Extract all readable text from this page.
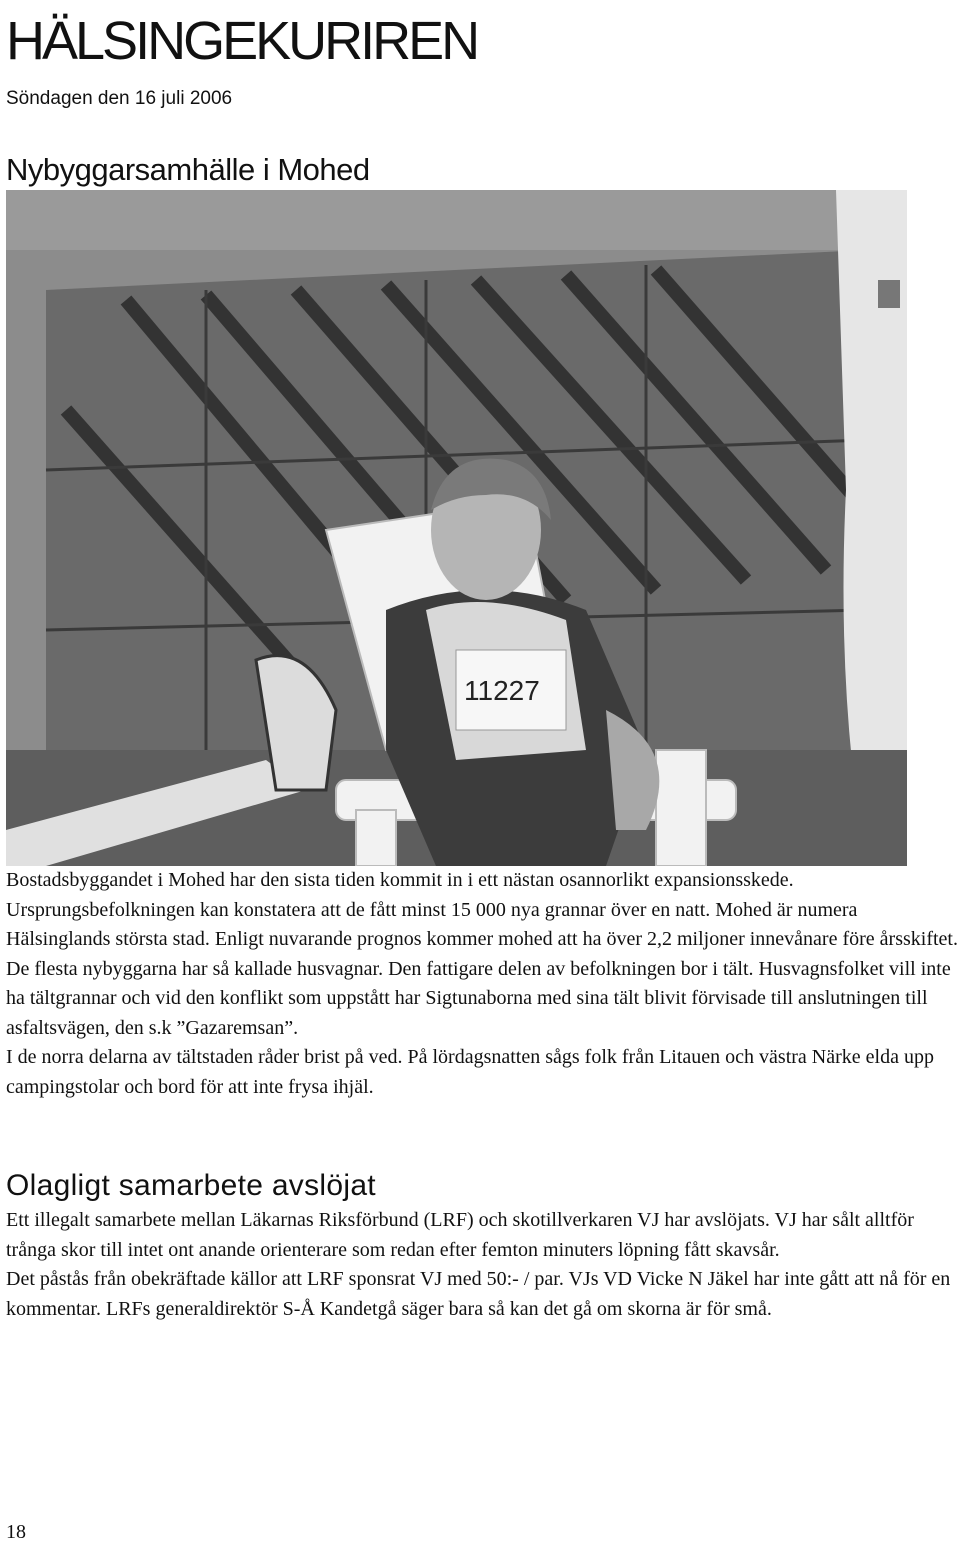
HÄLSINGEKURIREN

Söndagen den 16 juli 2006

Nybyggarsamhälle i Mohed
11227

Bostadsbyggandet i Mohed har den sista tiden kommit in i ett nästan osannorlikt expansionsskede. Ursprungsbefolkningen kan konstatera att de fått minst 15 000 nya grannar över en natt. Mohed är numera Hälsinglands största stad. Enligt nuvarande prognos kommer mohed att ha över 2,2 miljoner innevånare före årsskiftet.

De flesta nybyggarna har så kallade husvagnar. Den fattigare delen av befolkningen bor i tält. Husvagnsfolket vill inte ha tältgrannar och vid den konflikt som uppstått har Sigtunaborna med sina tält blivit förvisade till anslutningen till asfaltsvägen, den s.k ”Gazaremsan”.

I de norra delarna av tältstaden råder brist på ved. På lördagsnatten sågs folk från Litauen och västra Närke elda upp campingstolar och bord för att inte frysa ihjäl.

Olagligt samarbete avslöjat

Ett illegalt samarbete mellan Läkarnas Riksförbund (LRF) och skotillverkaren VJ har avslöjats. VJ har sålt alltför trånga skor till intet ont anande orienterare som redan efter femton minuters löpning fått skavsår.

Det påstås från obekräftade källor att LRF sponsrat VJ med 50:- / par. VJs VD Vicke N Jäkel har inte gått att nå för en kommentar. LRFs generaldirektör S-Å Kandetgå säger bara så kan det gå om skorna är för små.

18
